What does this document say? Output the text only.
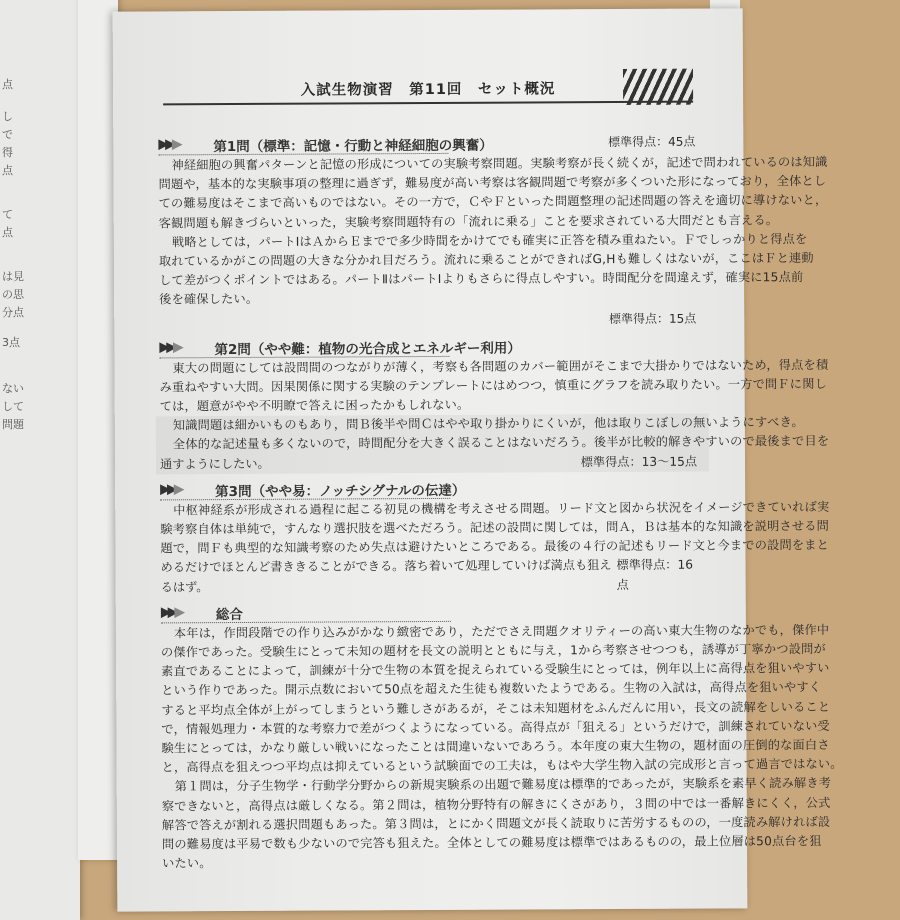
点
し
で
得
点
て
点
は見
の思
分点
3点
ない
して
問題
入試生物演習　第11回　セット概況
▶▶▶	第1問（標準：記憶・行動と神経細胞の興奮）	標準得点：45点
神経細胞の興奮パターンと記憶の形成についての実験考察問題。実験考察が長く続くが，記述で問われているのは知識
問題や，基本的な実験事項の整理に過ぎず，難易度が高い考察は客観問題で考察が多くついた形になっており，全体とし
ての難易度はそこまで高いものではない。その一方で，ＣやＦといった問題整理の記述問題の答えを適切に導けないと，
客観問題も解きづらいといった，実験考察問題特有の「流れに乗る」ことを要求されている大問だとも言える。
戦略としては，パートⅠはＡからＥまでで多少時間をかけてでも確実に正答を積み重ねたい。Ｆでしっかりと得点を
取れているかがこの問題の大きな分かれ目だろう。流れに乗ることができればG,Hも難しくはないが，ここはＦと連動
して差がつくポイントではある。パートⅡはパートⅠよりもさらに得点しやすい。時間配分を間違えず，確実に15点前
後を確保したい。
標準得点：15点
▶▶▶	第2問（やや難：植物の光合成とエネルギー利用）
東大の問題にしては設問間のつながりが薄く，考察も各問題のカバー範囲がそこまで大掛かりではないため，得点を積
み重ねやすい大問。因果関係に関する実験のテンプレートにはめつつ，慎重にグラフを読み取りたい。一方で問Ｆに関し
ては，題意がやや不明瞭で答えに困ったかもしれない。
知識問題は細かいものもあり，問Ｂ後半や問Ｃはやや取り掛かりにくいが，他は取りこぼしの無いようにすべき。
全体的な記述量も多くないので，時間配分を大きく誤ることはないだろう。後半が比較的解きやすいので最後まで目を
通すようにしたい。	標準得点：13～15点
▶▶▶	第3問（やや易：ノッチシグナルの伝達）
中枢神経系が形成される過程に起こる初見の機構を考えさせる問題。リード文と図から状況をイメージできていれば実
験考察自体は単純で，すんなり選択肢を選べただろう。記述の設問に関しては，問Ａ，Ｂは基本的な知識を説明させる問
題で，問Ｆも典型的な知識考察のため失点は避けたいところである。最後の４行の記述もリード文と今までの設問をまと
めるだけでほとんど書ききることができる。落ち着いて処理していけば満点も狙えるはず。
標準得点：16点
▶▶▶	総合
本年は，作問段階での作り込みがかなり緻密であり，ただでさえ問題クオリティーの高い東大生物のなかでも，傑作中
の傑作であった。受験生にとって未知の題材を長文の説明とともに与え，1から考察させつつも，誘導が丁寧かつ設問が
素直であることによって，訓練が十分で生物の本質を捉えられている受験生にとっては，例年以上に高得点を狙いやすい
という作りであった。開示点数において50点を超えた生徒も複数いたようである。生物の入試は，高得点を狙いやすく
すると平均点全体が上がってしまうという難しさがあるが，そこは未知題材をふんだんに用い，長文の読解をしいること
で，情報処理力・本質的な考察力で差がつくようになっている。高得点が「狙える」というだけで，訓練されていない受
験生にとっては，かなり厳しい戦いになったことは間違いないであろう。本年度の東大生物の，題材面の圧倒的な面白さ
と，高得点を狙えつつ平均点は抑えているという試験面での工夫は，もはや大学生物入試の完成形と言って過言ではない。
第１問は，分子生物学・行動学分野からの新規実験系の出題で難易度は標準的であったが，実験系を素早く読み解き考
察できないと，高得点は厳しくなる。第２問は，植物分野特有の解きにくさがあり，３問の中では一番解きにくく，公式
解答で答えが割れる選択問題もあった。第３問は，とにかく問題文が長く読取りに苦労するものの，一度読み解ければ設
問の難易度は平易で数も少ないので完答も狙えた。全体としての難易度は標準ではあるものの，最上位層は50点台を狙
いたい。
